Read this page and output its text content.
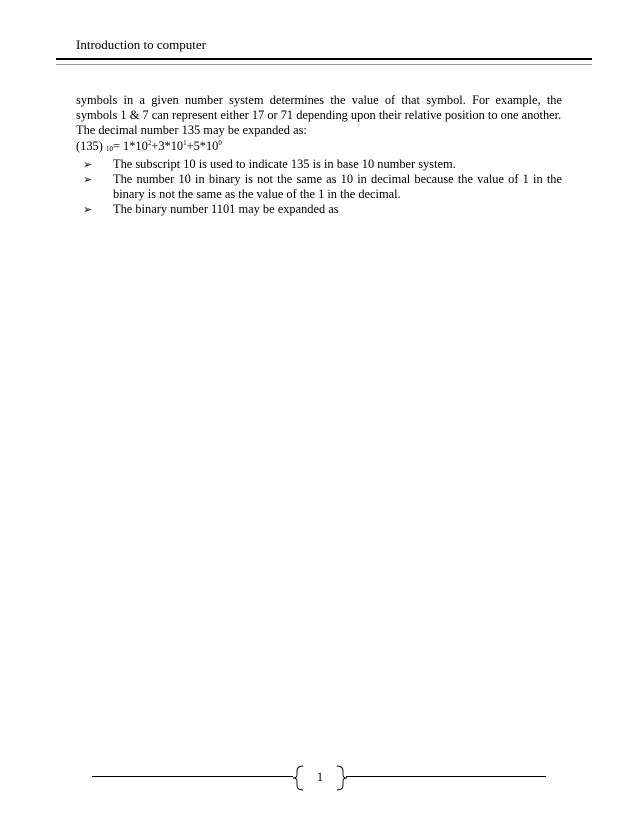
Introduction to computer

symbols in a given number system determines the value of that symbol. For example, the symbols 1 & 7 can represent either 17 or 71 depending upon their relative position to one another.

The decimal number 135 may be expanded as:

(135) $_{10}= 1*10^2+3*10^1+5*10^0$

➢ The subscript 10 is used to indicate 135 is in base 10 number system.
➢ The number 10 in binary is not the same as 10 in decimal because the value of 1 in the binary is not the same as the value of the 1 in the decimal.
➢ The binary number 1101 may be expanded as
1
